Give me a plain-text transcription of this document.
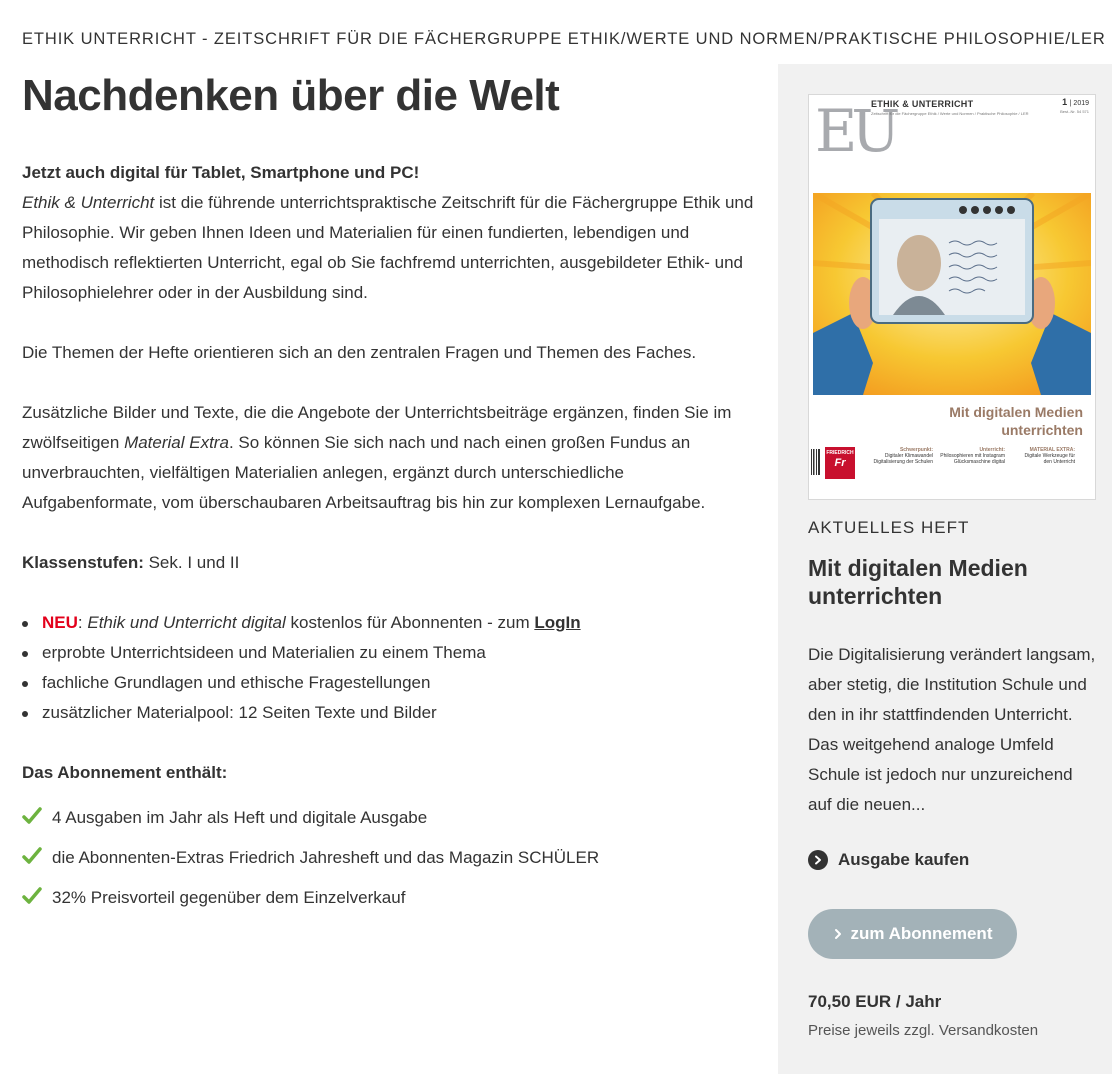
ETHIK UNTERRICHT - ZEITSCHRIFT FÜR DIE FÄCHERGRUPPE ETHIK/WERTE UND NORMEN/PRAKTISCHE PHILOSOPHIE/LER
Nachdenken über die Welt

Jetzt auch digital für Tablet, Smartphone und PC!

Ethik & Unterricht ist die führende unterrichtspraktische Zeitschrift für die Fächergruppe Ethik und Philosophie. Wir geben Ihnen Ideen und Materialien für einen fundierten, lebendigen und methodisch reflektierten Unterricht, egal ob Sie fachfremd unterrichten, ausgebildeter Ethik- und Philosophielehrer oder in der Ausbildung sind.

Die Themen der Hefte orientieren sich an den zentralen Fragen und Themen des Faches.

Zusätzliche Bilder und Texte, die die Angebote der Unterrichtsbeiträge ergänzen, finden Sie im zwölfseitigen Material Extra. So können Sie sich nach und nach einen großen Fundus an unverbrauchten, vielfältigen Materialien anlegen, ergänzt durch unterschiedliche Aufgabenformate, vom überschaubaren Arbeitsauftrag bis hin zur komplexen Lernaufgabe.

Klassenstufen: Sek. I und II

NEU: Ethik und Unterricht digital kostenlos für Abonnenten - zum LogIn
erprobte Unterrichtsideen und Materialien zu einem Thema
fachliche Grundlagen und ethische Fragestellungen
zusätzlicher Materialpool: 12 Seiten Texte und Bilder

Das Abonnement enthält:

4 Ausgaben im Jahr als Heft und digitale Ausgabe
die Abonnenten-Extras Friedrich Jahresheft und das Magazin SCHÜLER
32% Preisvorteil gegenüber dem Einzelverkauf
EU
ETHIK & UNTERRICHT
Zeitschrift für die Fächergruppe Ethik / Werte und Normen / Praktische Philosophie / LER
1 | 2019
Best.-Nr. 54 571
Mit digitalen Medien
unterrichten
FRIEDRICH
Fr
Schwerpunkt:
Digitaler Klimawandel Digitalisierung der Schulen
Unterricht:
Philosophieren mit Instagram Glücksmaschine digital
MATERIAL EXTRA:
Digitale Werkzeuge für den Unterricht
AKTUELLES HEFT
Mit digitalen Medien unterrichten
Die Digitalisierung verändert langsam, aber stetig, die Institution Schule und den in ihr stattfindenden Unterricht. Das weitgehend analoge Umfeld Schule ist jedoch nur unzureichend auf die neuen...
Ausgabe kaufen
zum Abonnement
70,50 EUR / Jahr
Preise jeweils zzgl. Versandkosten
